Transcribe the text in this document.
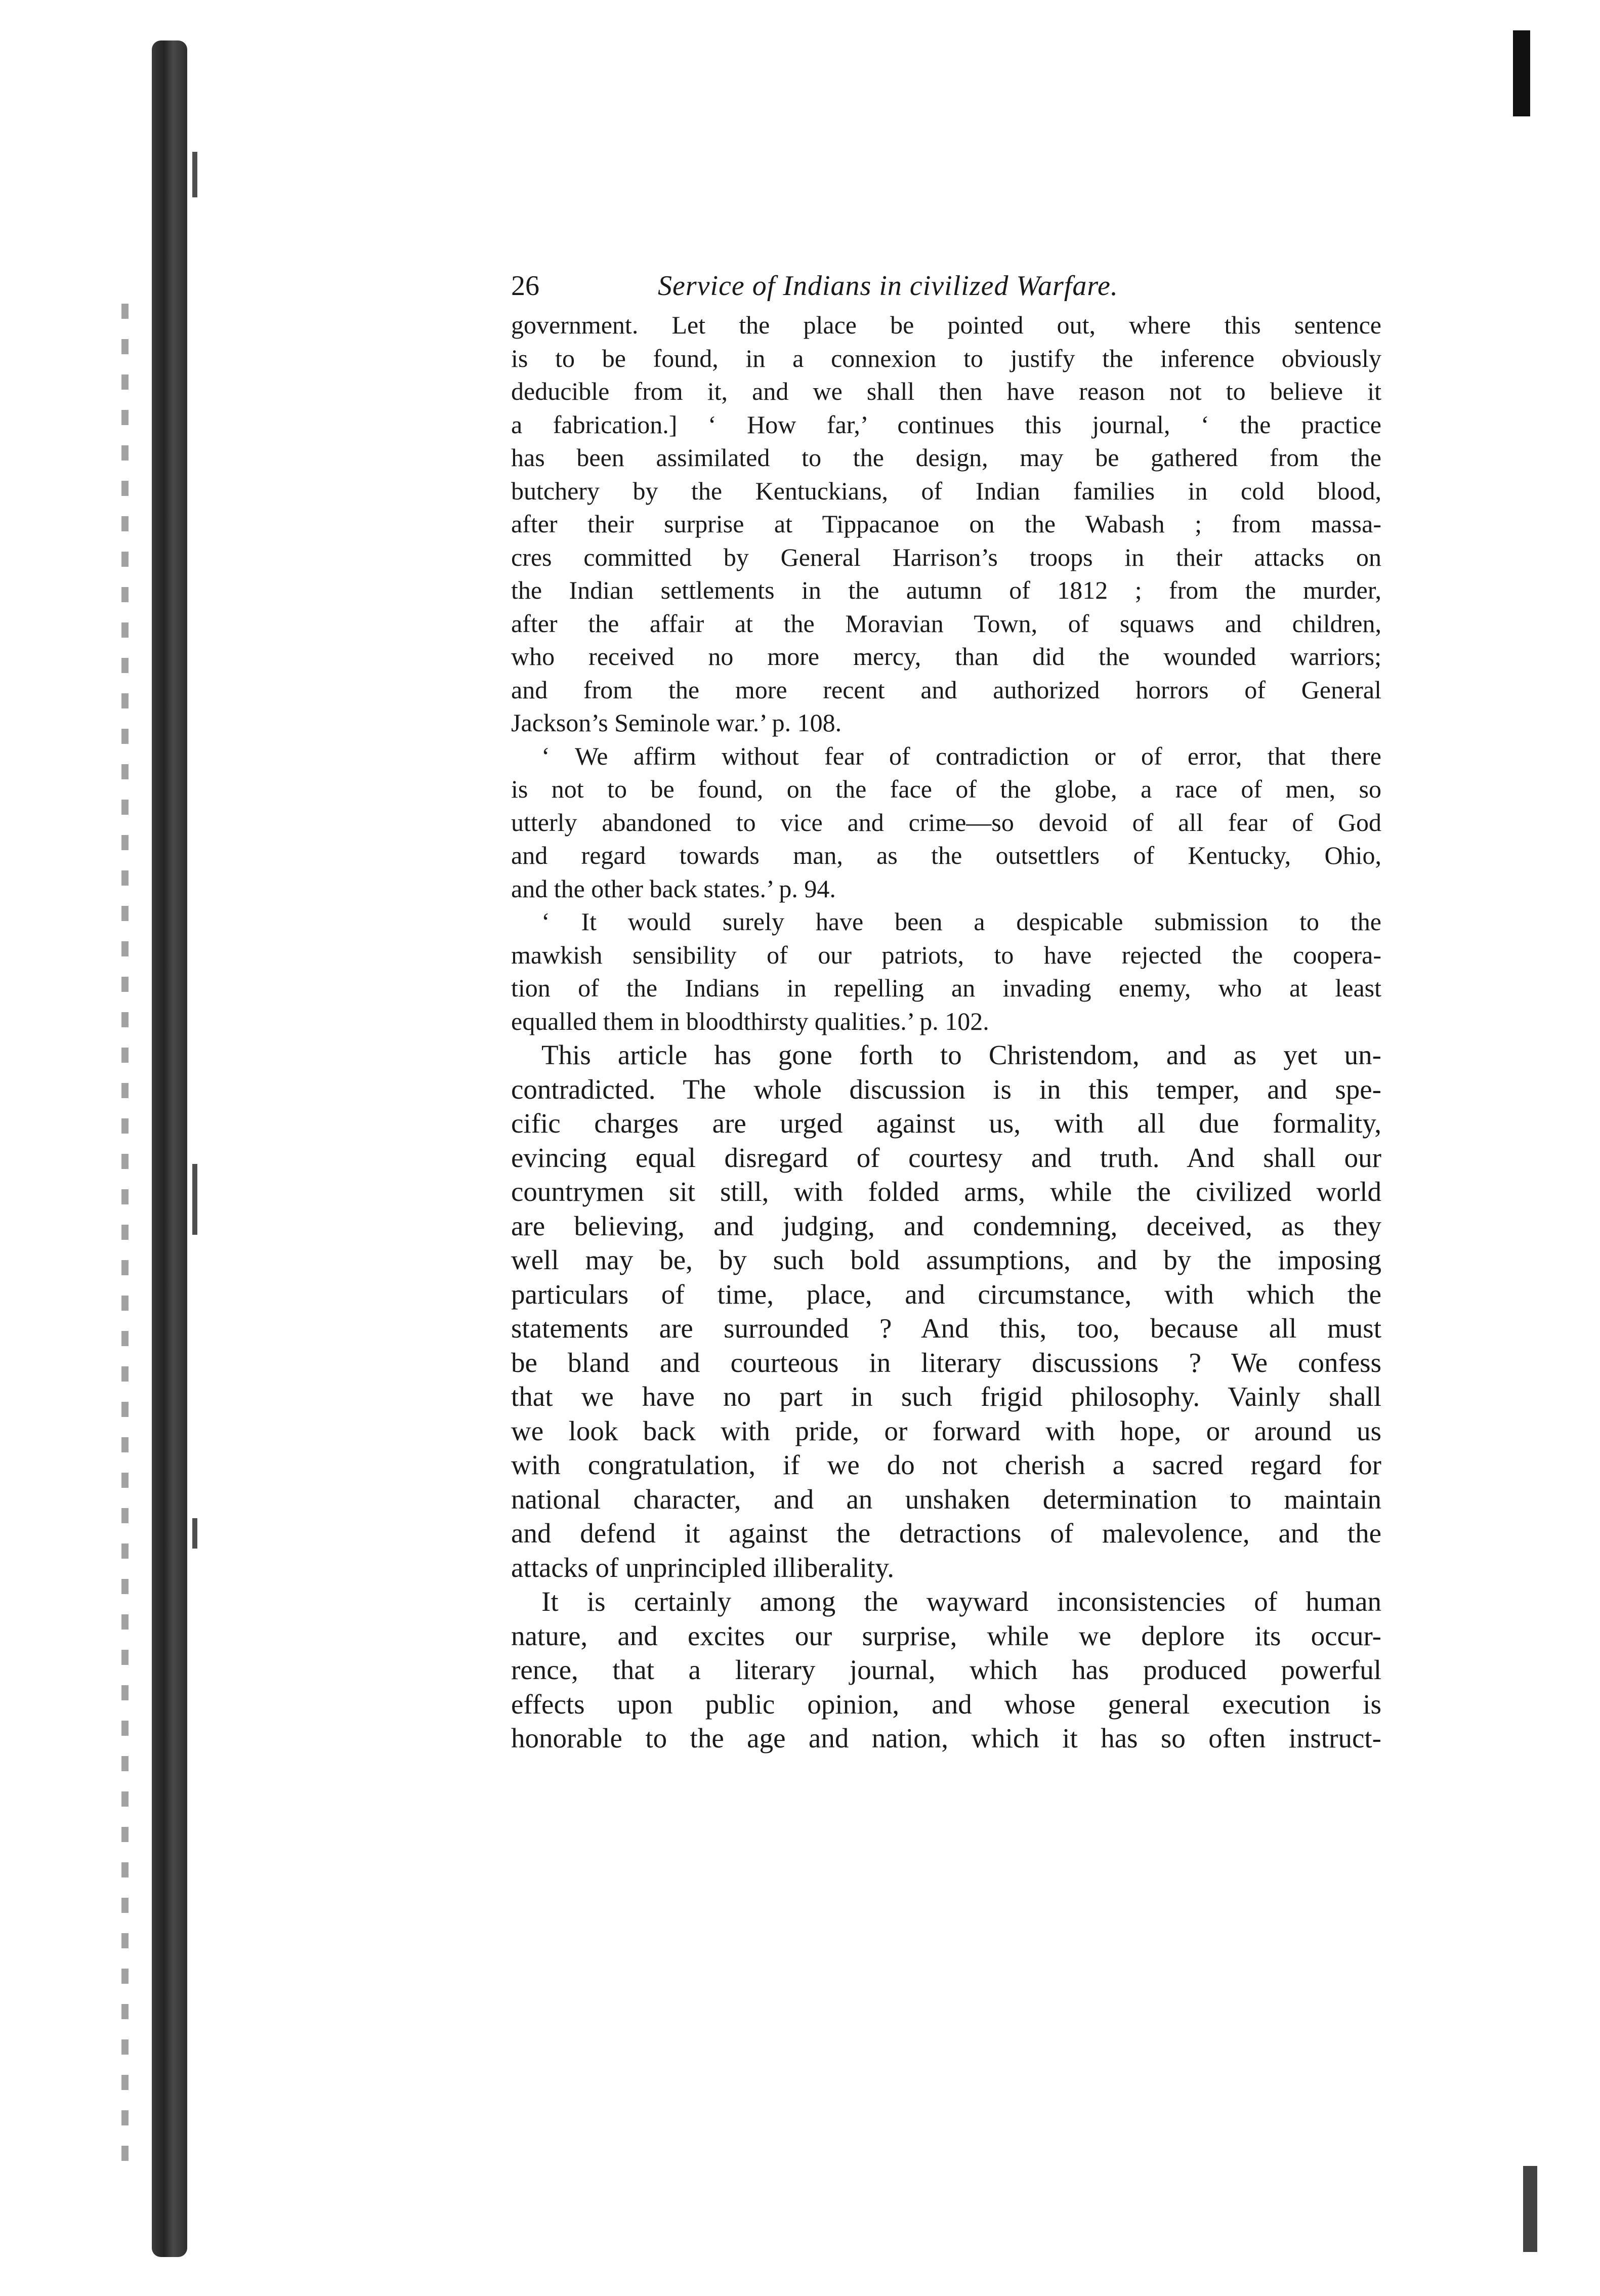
26	Service of Indians in civilized Warfare.

government. Let the place be pointed out, where this sentence
is to be found, in a connexion to justify the inference obviously
deducible from it, and we shall then have reason not to believe it
a fabrication.] ‘ How far,’ continues this journal, ‘ the practice
has been assimilated to the design, may be gathered from the
butchery by the Kentuckians, of Indian families in cold blood,
after their surprise at Tippacanoe on the Wabash ; from massa-
cres committed by General Harrison’s troops in their attacks on
the Indian settlements in the autumn of 1812 ; from the murder,
after the affair at the Moravian Town, of squaws and children,
who received no more mercy, than did the wounded warriors;
and from the more recent and authorized horrors of General
Jackson’s Seminole war.’ p. 108.

‘ We affirm without fear of contradiction or of error, that there
is not to be found, on the face of the globe, a race of men, so
utterly abandoned to vice and crime—so devoid of all fear of God
and regard towards man, as the outsettlers of Kentucky, Ohio,
and the other back states.’ p. 94.

‘ It would surely have been a despicable submission to the
mawkish sensibility of our patriots, to have rejected the coopera-
tion of the Indians in repelling an invading enemy, who at least
equalled them in bloodthirsty qualities.’ p. 102.

This article has gone forth to Christendom, and as yet un-
contradicted. The whole discussion is in this temper, and spe-
cific charges are urged against us, with all due formality,
evincing equal disregard of courtesy and truth. And shall our
countrymen sit still, with folded arms, while the civilized world
are believing, and judging, and condemning, deceived, as they
well may be, by such bold assumptions, and by the imposing
particulars of time, place, and circumstance, with which the
statements are surrounded ? And this, too, because all must
be bland and courteous in literary discussions ? We confess
that we have no part in such frigid philosophy. Vainly shall
we look back with pride, or forward with hope, or around us
with congratulation, if we do not cherish a sacred regard for
national character, and an unshaken determination to maintain
and defend it against the detractions of malevolence, and the
attacks of unprincipled illiberality.

It is certainly among the wayward inconsistencies of human
nature, and excites our surprise, while we deplore its occur-
rence, that a literary journal, which has produced powerful
effects upon public opinion, and whose general execution is
honorable to the age and nation, which it has so often instruct-
